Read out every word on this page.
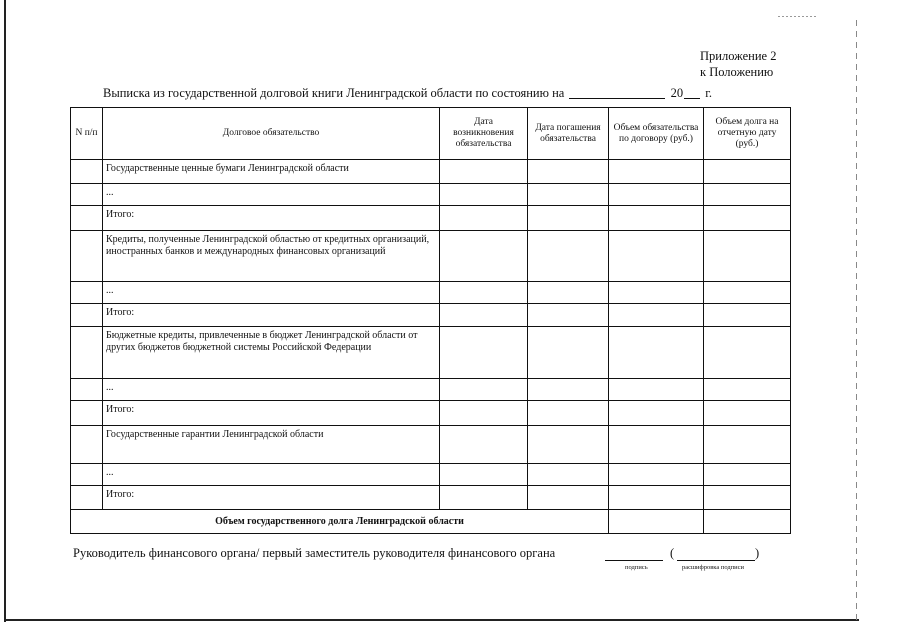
Приложение 2
к Положению
Выписка из государственной долговой книги Ленинградской области по состоянию на	20 г.
N п/п	Долговое обязательство	Дата возникновения обязательства	Дата погашения обязательства	Объем обязательства по договору (руб.)	Объем долга на отчетную дату (руб.)
	Государственные ценные бумаги Ленинградской области				
	...				
	Итого:				
	Кредиты, полученные Ленинградской областью от кредитных организаций, иностранных банков и международных финансовых организаций				
	...				
	Итого:				
	Бюджетные кредиты, привлеченные в бюджет Ленинградской области от других бюджетов бюджетной системы Российской Федерации				
	...				
	Итого:				
	Государственные гарантии Ленинградской области				
	...				
	Итого:				
Объем государственного долга Ленинградской области					
Руководитель финансового органа/ первый заместитель руководителя финансового органа	(	)
подпись	расшифровка подписи
